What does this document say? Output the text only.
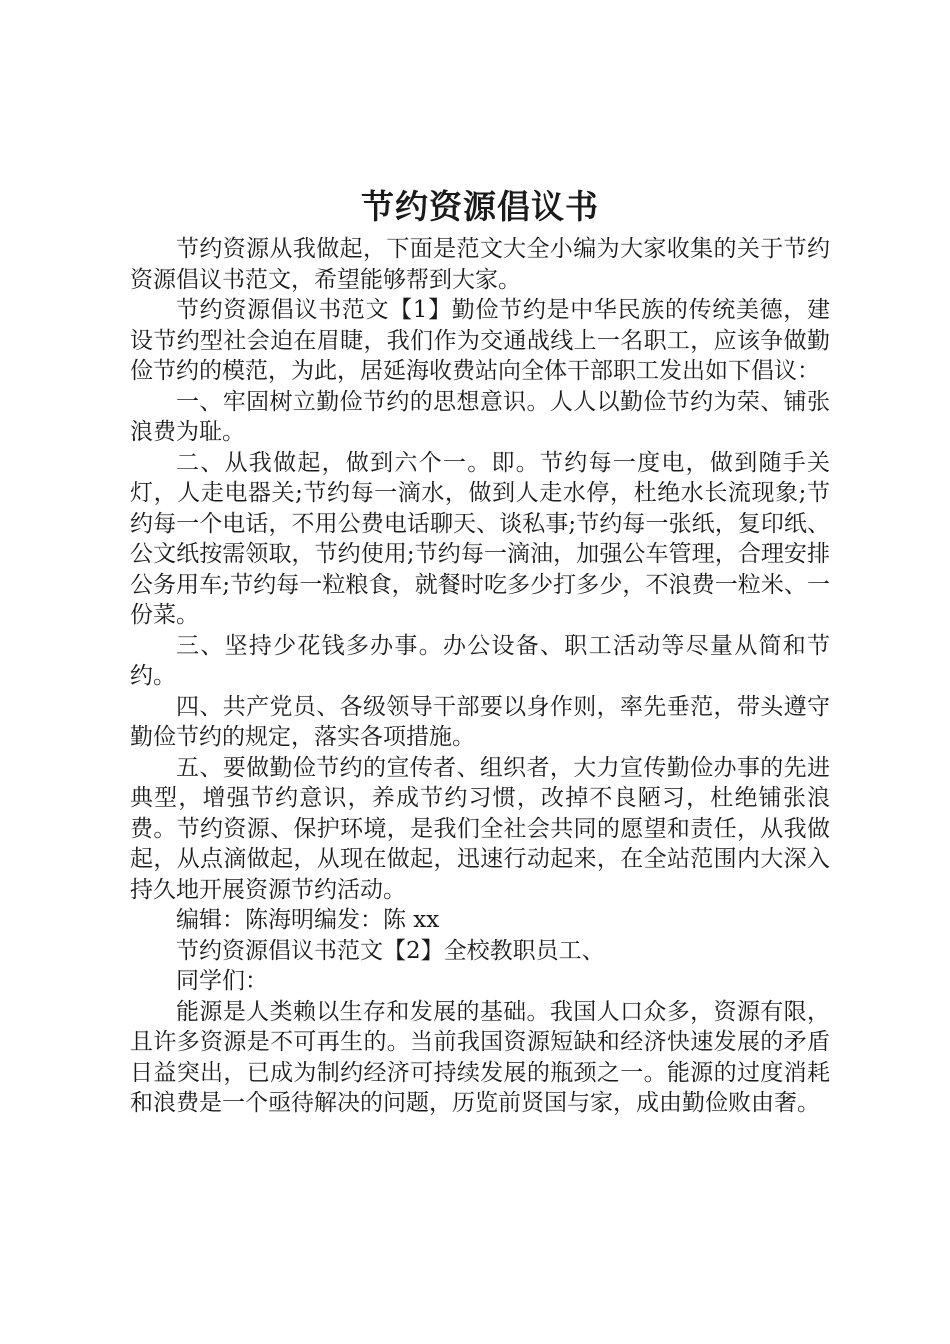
节约资源倡议书

节约资源从我做起，下面是范文大全小编为大家收集的关于节约资源倡议书范文，希望能够帮到大家。

节约资源倡议书范文【1】勤俭节约是中华民族的传统美德，建设节约型社会迫在眉睫，我们作为交通战线上一名职工，应该争做勤俭节约的模范，为此，居延海收费站向全体干部职工发出如下倡议：

一、牢固树立勤俭节约的思想意识。人人以勤俭节约为荣、铺张浪费为耻。

二、从我做起，做到六个一。即。节约每一度电，做到随手关灯，人走电器关;节约每一滴水，做到人走水停，杜绝水长流现象;节约每一个电话，不用公费电话聊天、谈私事;节约每一张纸，复印纸、公文纸按需领取，节约使用;节约每一滴油，加强公车管理，合理安排公务用车;节约每一粒粮食，就餐时吃多少打多少，不浪费一粒米、一份菜。

三、坚持少花钱多办事。办公设备、职工活动等尽量从简和节约。

四、共产党员、各级领导干部要以身作则，率先垂范，带头遵守勤俭节约的规定，落实各项措施。

五、要做勤俭节约的宣传者、组织者，大力宣传勤俭办事的先进典型，增强节约意识，养成节约习惯，改掉不良陋习，杜绝铺张浪费。节约资源、保护环境，是我们全社会共同的愿望和责任，从我做起，从点滴做起，从现在做起，迅速行动起来，在全站范围内大深入持久地开展资源节约活动。

编辑：陈海明编发：陈 xx

节约资源倡议书范文【2】全校教职员工、

同学们：

能源是人类赖以生存和发展的基础。我国人口众多，资源有限，且许多资源是不可再生的。当前我国资源短缺和经济快速发展的矛盾日益突出，已成为制约经济可持续发展的瓶颈之一。能源的过度消耗和浪费是一个亟待解决的问题，历览前贤国与家，成由勤俭败由奢。
